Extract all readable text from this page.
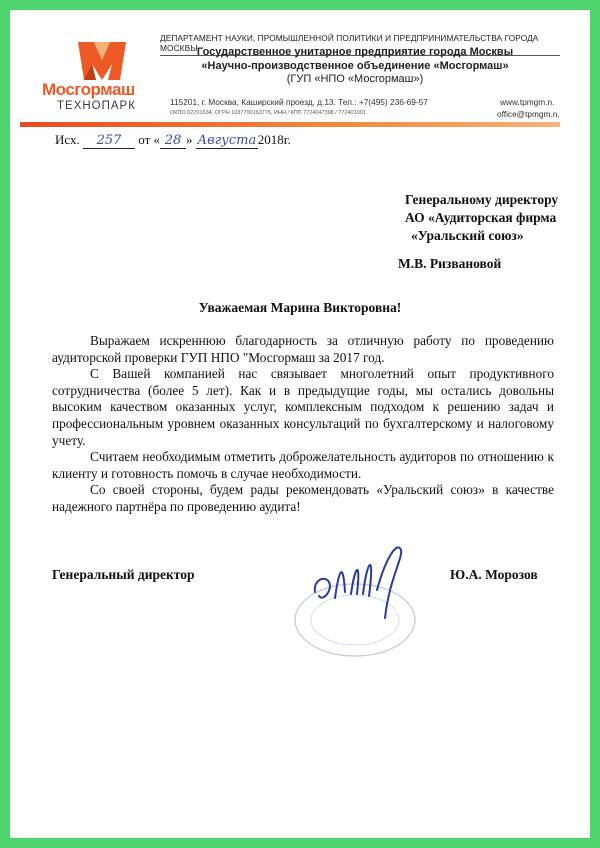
Мосгормаш
ТЕХНОПАРК
ДЕПАРТАМЕНТ НАУКИ, ПРОМЫШЛЕННОЙ ПОЛИТИКИ И ПРЕДПРИНИМАТЕЛЬСТВА ГОРОДА МОСКВЫ Государственное унитарное предприятие города Москвы
«Научно-производственное объединение «Мосгормаш»
(ГУП «НПО «Мосгормаш»)
115201, г. Москва, Каширский проезд, д.13. Тел.: +7(495) 236-69-57
ОКПО 02701634, ОГРН 1037700163775, ИНН / КПП 7724047398 / 772401001
www.tpmgm.n.
office@tpmgm.n.
Исх. 257 от « 28 » Августа 2018г.
Генеральному директору
АО «Аудиторская фирма
«Уральский союз»
М.В. Ризвановой
Уважаемая Марина Викторовна!

Выражаем искреннюю благодарность за отличную работу по проведению аудиторской проверки ГУП НПО "Мосгормаш за 2017 год.

С Вашей компанией нас связывает многолетний опыт продуктивного сотрудничества (более 5 лет). Как и в предыдущие годы, мы остались довольны высоким качеством оказанных услуг, комплексным подходом к решению задач и профессиональным уровнем оказанных консультаций по бухгалтерскому и налоговому учету.

Считаем необходимым отметить доброжелательность аудиторов по отношению к клиенту и готовность помочь в случае необходимости.

Со своей стороны, будем рады рекомендовать «Уральский союз» в качестве надежного партнёра по проведению аудита!

Генеральный директор	Ю.А. Морозов
